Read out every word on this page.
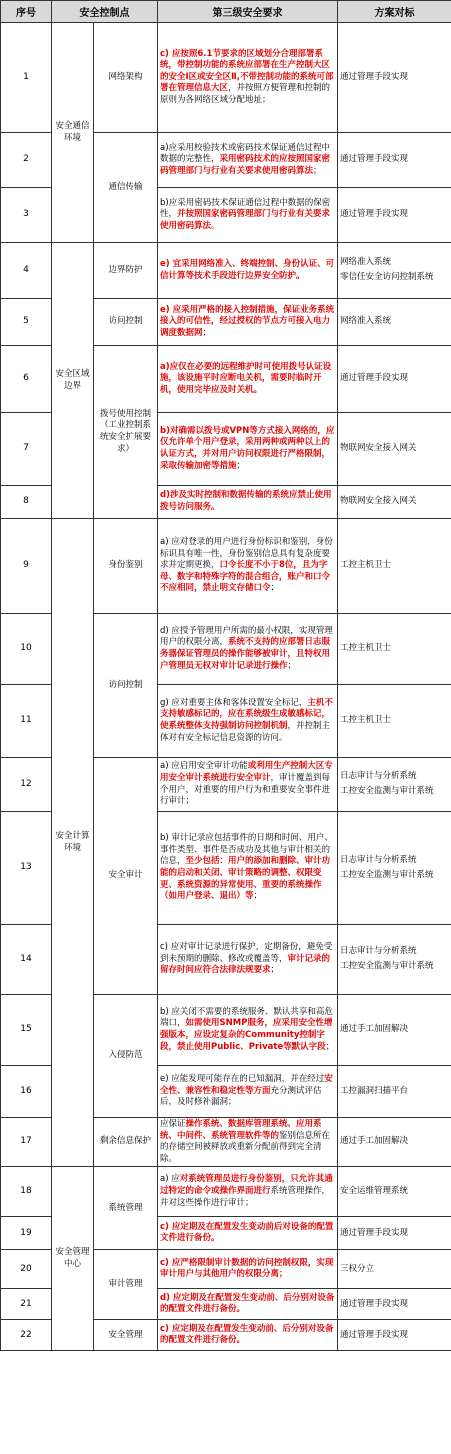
序号	安全控制点		第三级安全要求	方案对标
1	安全通信环境	网络架构	c) 应按照6.1节要求的区域划分合理部署系统，带控制功能的系统应部署在生产控制大区的安全Ⅰ区或安全区Ⅱ,不带控制功能的系统可部署在管理信息大区，并按照方便管理和控制的原则为各网络区域分配地址；	通过管理手段实现

2		通信传输	a)应采用校验技术或密码技术保证通信过程中数据的完整性，采用密码技术的应按照国家密码管理部门与行业有关要求使用密码算法；	通过管理手段实现

3			b)应采用密码技术保证通信过程中数据的保密性，并按照国家密码管理部门与行业有关要求使用密码算法。	通过管理手段实现

4	安全区域边界	边界防护	e) 宜采用网络准入、终端控制、身份认证、可信计算等技术手段进行边界安全防护。	网络准入系统
零信任安全访问控制系统

5		访问控制	e) 应采用严格的接入控制措施，保证业务系统接入的可信性，经过授权的节点方可接入电力调度数据网；	网络准入系统

6		拨号使用控制（工业控制系统安全扩展要求）	a)应仅在必要的远程维护时可使用拨号认证设施，该设施平时应断电关机，需要时临时开机，使用完毕应及时关机。	通过管理手段实现

7			b)对确需以拨号或VPN等方式接入网络的，应仅允许单个用户登录，采用两种或两种以上的认证方式，并对用户访问权限进行严格限制，采取传输加密等措施；	物联网安全接入网关

8			d)涉及实时控制和数据传输的系统应禁止使用拨号访问服务。	物联网安全接入网关

9	安全计算环境	身份鉴别	a) 应对登录的用户进行身份标识和鉴别，身份标识具有唯一性，身份鉴别信息具有复杂度要求并定期更换，口令长度不小于8位，且为字母、数字和特殊字符的混合组合，账户和口令不应相同，禁止明文存储口令；	工控主机卫士

10		访问控制	d) 应授予管理用户所需的最小权限，实现管理用户的权限分离，系统不支持的应部署日志服务器保证管理员的操作能够被审计，且特权用户管理员无权对审计记录进行操作；	工控主机卫士

11			g) 应对重要主体和客体设置安全标记，主机不支持敏感标记的，应在系统级生成敏感标记，使系统整体支持强制访问控制机制，并控制主体对有安全标记信息资源的访问。	工控主机卫士

12		安全审计	a) 应启用安全审计功能或利用生产控制大区专用安全审计系统进行安全审计，审计覆盖到每个用户，对重要的用户行为和重要安全事件进行审计；	日志审计与分析系统
工控安全监测与审计系统

13			b) 审计记录应包括事件的日期和时间、用户、事件类型、事件是否成功及其他与审计相关的信息，至少包括：用户的添加和删除、审计功能的启动和关闭、审计策略的调整、权限变更、系统资源的异常使用、重要的系统操作（如用户登录、退出）等；	日志审计与分析系统
工控安全监测与审计系统

14			c) 应对审计记录进行保护，定期备份，避免受到未预期的删除、修改或覆盖等，审计记录的留存时间应符合法律法规要求；	日志审计与分析系统
工控安全监测与审计系统

15		入侵防范	b) 应关闭不需要的系统服务、默认共享和高危端口，如需使用SNMP服务，应采用安全性增强版本，应设定复杂的Community控制字段，禁止使用Public、Private等默认字段；	通过手工加固解决

16			e) 应能发现可能存在的已知漏洞，并在经过安全性、兼容性和稳定性等方面充分测试评估后，及时修补漏洞；	工控漏洞扫描平台

17		剩余信息保护	应保证操作系统、数据库管理系统、应用系统、中间件、系统管理软件等的鉴别信息所在的存储空间被释放或重新分配前得到完全清除。	通过手工加固解决

18	安全管理中心	系统管理	a) 应对系统管理员进行身份鉴别，只允许其通过特定的命令或操作界面进行系统管理操作，并对这些操作进行审计；	安全运维管理系统

19			c) 应定期及在配置发生变动前后对设备的配置文件进行备份。	通过管理手段实现

20		审计管理	c) 应严格限制审计数据的访问控制权限，实现审计用户与其他用户的权限分离；	三权分立

21			d) 应定期及在配置发生变动前、后分别对设备的配置文件进行备份。	通过管理手段实现

22		安全管理	c) 应定期及在配置发生变动前、后分别对设备的配置文件进行备份。	通过管理手段实现
